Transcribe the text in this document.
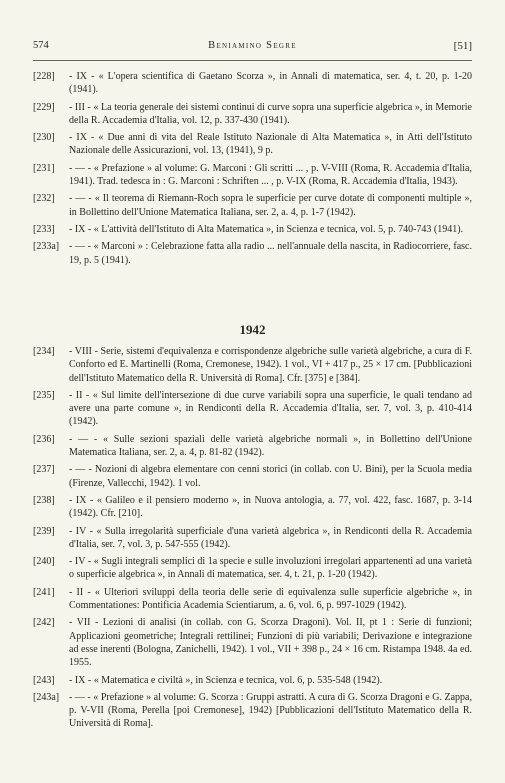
574	Beniamino Segre	[51]
[228] - IX - « L'opera scientifica di Gaetano Scorza », in Annali di matematica, ser. 4, t. 20, p. 1-20 (1941).
[229] - III - « La teoria generale dei sistemi continui di curve sopra una superficie algebrica », in Memorie della R. Accademia d'Italia, vol. 12, p. 337-430 (1941).
[230] - IX - « Due anni di vita del Reale Istituto Nazionale di Alta Matematica », in Atti dell'Istituto Nazionale delle Assicurazioni, vol. 13, (1941), 9 p.
[231] - — - « Prefazione » al volume: G. Marconi : Gli scritti ... , p. V-VIII (Roma, R. Accademia d'Italia, 1941). Trad. tedesca in : G. Marconi : Schriften ... , p. V-IX (Roma, R. Accademia d'Italia, 1943).
[232] - — - « Il teorema di Riemann-Roch sopra le superficie per curve dotate di componenti multiple », in Bollettino dell'Unione Matematica Italiana, ser. 2, a. 4, p. 1-7 (1942).
[233] - IX - « L'attività dell'Istituto di Alta Matematica », in Scienza e tecnica, vol. 5, p. 740-743 (1941).
[233a] - — - « Marconi » : Celebrazione fatta alla radio ... nell'annuale della nascita, in Radiocorriere, fasc. 19, p. 5 (1941).
1942
[234] - VIII - Serie, sistemi d'equivalenza e corrispondenze algebriche sulle varietà algebriche, a cura di F. Conforto ed E. Martinelli (Roma, Cremonese, 1942). 1 vol., VI + 417 p., 25 × 17 cm. [Pubblicazioni dell'Istituto Matematico della R. Università di Roma]. Cfr. [375] e [384].
[235] - II - « Sul limite dell'intersezione di due curve variabili sopra una superficie, le quali tendano ad avere una parte comune », in Rendiconti della R. Accademia d'Italia, ser. 7, vol. 3, p. 410-414 (1942).
[236] - — - « Sulle sezioni spaziali delle varietà algebriche normali », in Bollettino dell'Unione Matematica Italiana, ser. 2, a. 4, p. 81-82 (1942).
[237] - — - Nozioni di algebra elementare con cenni storici (in collab. con U. Bini), per la Scuola media (Firenze, Vallecchi, 1942). 1 vol.
[238] - IX - « Galileo e il pensiero moderno », in Nuova antologia, a. 77, vol. 422, fasc. 1687, p. 3-14 (1942). Cfr. [210].
[239] - IV - « Sulla irregolarità superficiale d'una varietà algebrica », in Rendiconti della R. Accademia d'Italia, ser. 7, vol. 3, p. 547-555 (1942).
[240] - IV - « Sugli integrali semplici di 1a specie e sulle involuzioni irregolari appartenenti ad una varietà o superficie algebrica », in Annali di matematica, ser. 4, t. 21, p. 1-20 (1942).
[241] - II - « Ulteriori sviluppi della teoria delle serie di equivalenza sulle superficie algebriche », in Commentationes: Pontificia Academia Scientiarum, a. 6, vol. 6, p. 997-1029 (1942).
[242] - VII - Lezioni di analisi (in collab. con G. Scorza Dragoni). Vol. II, pt 1 : Serie di funzioni; Applicazioni geometriche; Integrali rettilinei; Funzioni di più variabili; Derivazione e integrazione ad esse inerenti (Bologna, Zanichelli, 1942). 1 vol., VII + 398 p., 24 × 16 cm. Ristampa 1948. 4a ed. 1955.
[243] - IX - « Matematica e civiltà », in Scienza e tecnica, vol. 6, p. 535-548 (1942).
[243a] - — - « Prefazione » al volume: G. Scorza : Gruppi astratti. A cura di G. Scorza Dragoni e G. Zappa, p. V-VII (Roma, Perella [poi Cremonese], 1942) [Pubblicazioni dell'Istituto Matematico della R. Università di Roma].
